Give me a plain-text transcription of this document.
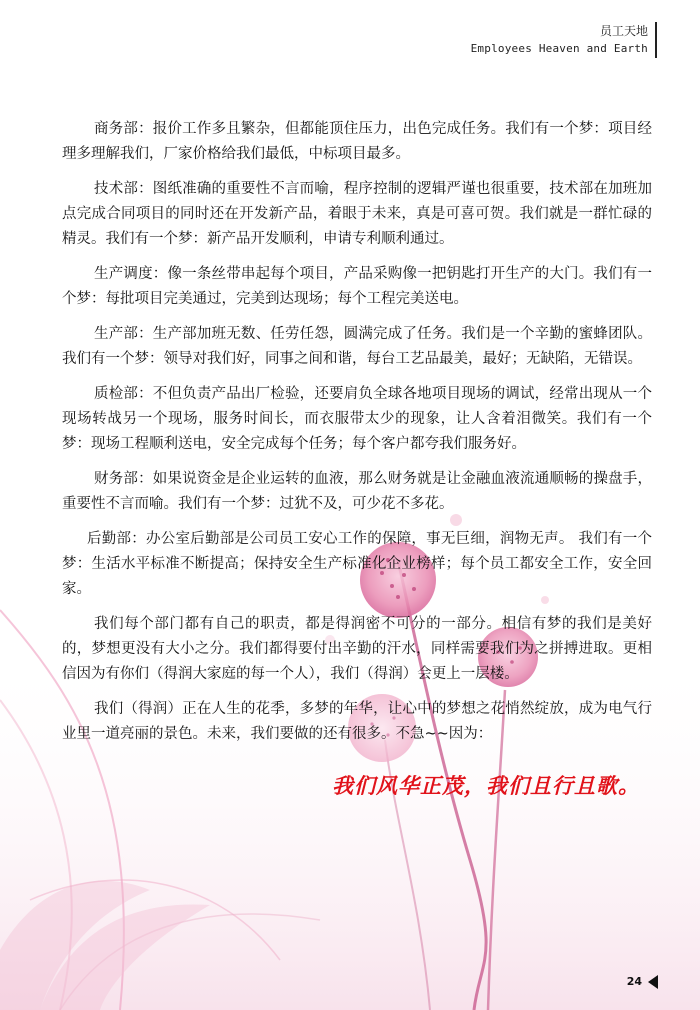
员工天地
Employees Heaven and Earth

商务部：报价工作多且繁杂，但都能顶住压力，出色完成任务。我们有一个梦：项目经理多理解我们，厂家价格给我们最低，中标项目最多。

技术部：图纸准确的重要性不言而喻，程序控制的逻辑严谨也很重要，技术部在加班加点完成合同项目的同时还在开发新产品，着眼于未来，真是可喜可贺。我们就是一群忙碌的精灵。我们有一个梦：新产品开发顺利，申请专利顺利通过。

生产调度：像一条丝带串起每个项目，产品采购像一把钥匙打开生产的大门。我们有一个梦：每批项目完美通过，完美到达现场；每个工程完美送电。

生产部：生产部加班无数、任劳任怨，圆满完成了任务。我们是一个辛勤的蜜蜂团队。我们有一个梦：领导对我们好，同事之间和谐，每台工艺品最美，最好；无缺陷，无错误。

质检部：不但负责产品出厂检验，还要肩负全球各地项目现场的调试，经常出现从一个现场转战另一个现场，服务时间长，而衣服带太少的现象，让人含着泪微笑。我们有一个梦：现场工程顺利送电，安全完成每个任务；每个客户都夸我们服务好。

财务部：如果说资金是企业运转的血液，那么财务就是让金融血液流通顺畅的操盘手，重要性不言而喻。我们有一个梦：过犹不及，可少花不多花。

后勤部：办公室后勤部是公司员工安心工作的保障，事无巨细，润物无声。 我们有一个梦：生活水平标准不断提高；保持安全生产标准化企业榜样；每个员工都安全工作，安全回家。

我们每个部门都有自己的职责，都是得润密不可分的一部分。相信有梦的我们是美好的，梦想更没有大小之分。我们都得要付出辛勤的汗水，同样需要我们为之拼搏进取。更相信因为有你们（得润大家庭的每一个人），我们（得润）会更上一层楼。

我们（得润）正在人生的花季，多梦的年华，让心中的梦想之花悄然绽放，成为电气行业里一道亮丽的景色。未来，我们要做的还有很多。不急~~因为：

我们风华正茂，我们且行且歌。
24
